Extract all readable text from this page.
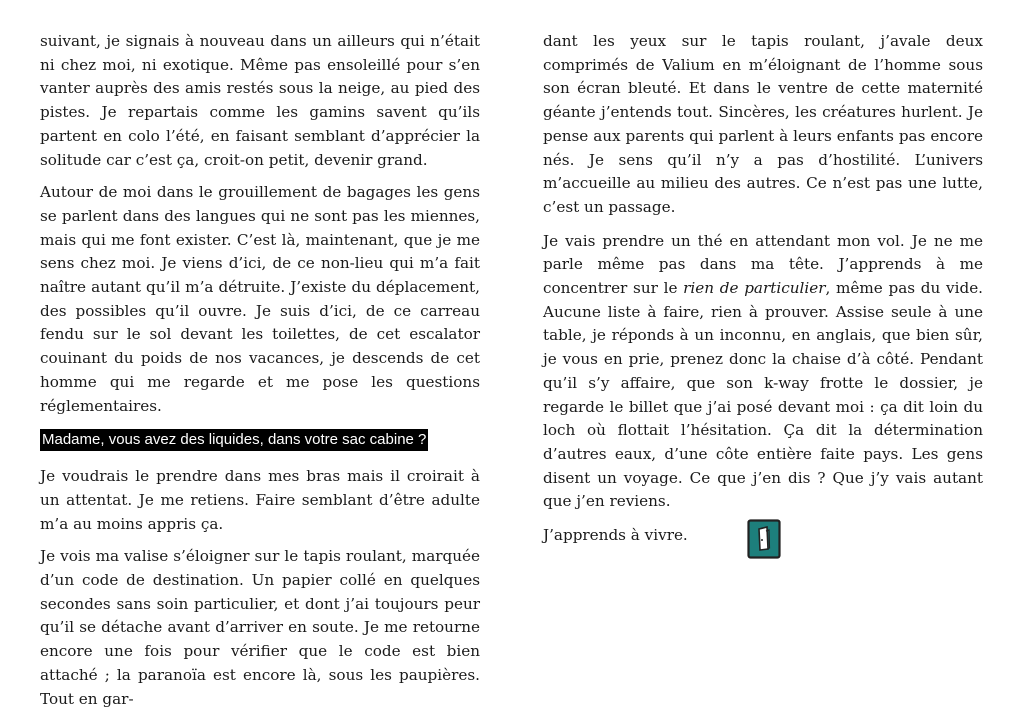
suivant, je signais à nouveau dans un ailleurs qui n’était ni chez moi, ni exotique. Même pas ensoleillé pour s’en vanter auprès des amis restés sous la neige, au pied des pistes. Je repartais comme les gamins savent qu’ils partent en colo l’été, en faisant semblant d’apprécier la solitude car c’est ça, croit-on petit, devenir grand.

Autour de moi dans le grouillement de bagages les gens se parlent dans des langues qui ne sont pas les miennes, mais qui me font exister. C’est là, maintenant, que je me sens chez moi. Je viens d’ici, de ce non-lieu qui m’a fait naître autant qu’il m’a détruite. J’existe du déplacement, des possibles qu’il ouvre. Je suis d’ici, de ce carreau fendu sur le sol devant les toilettes, de cet escalator couinant du poids de nos vacances, je descends de cet homme qui me regarde et me pose les questions réglementaires.

Madame, vous avez des liquides, dans votre sac cabine ?

Je voudrais le prendre dans mes bras mais il croirait à un attentat. Je me retiens. Faire semblant d’être adulte m’a au moins appris ça.

Je vois ma valise s’éloigner sur le tapis roulant, marquée d’un code de destination. Un papier collé en quelques secondes sans soin particulier, et dont j’ai toujours peur qu’il se détache avant d’arriver en soute. Je me retourne encore une fois pour vérifier que le code est bien attaché ; la paranoïa est encore là, sous les paupières. Tout en gar-

dant les yeux sur le tapis roulant, j’avale deux comprimés de Valium en m’éloignant de l’homme sous son écran bleuté. Et dans le ventre de cette maternité géante j’entends tout. Sincères, les créatures hurlent. Je pense aux parents qui parlent à leurs enfants pas encore nés. Je sens qu’il n’y a pas d’hostilité. L’univers m’accueille au milieu des autres. Ce n’est pas une lutte, c’est un passage.

Je vais prendre un thé en attendant mon vol. Je ne me parle même pas dans ma tête. J’apprends à me concentrer sur le rien de particulier, même pas du vide. Aucune liste à faire, rien à prouver. Assise seule à une table, je réponds à un inconnu, en anglais, que bien sûr, je vous en prie, prenez donc la chaise d’à côté. Pendant qu’il s’y affaire, que son k-way frotte le dossier, je regarde le billet que j’ai posé devant moi : ça dit loin du loch où flottait l’hésitation. Ça dit la détermination d’autres eaux, d’une côte entière faite pays. Les gens disent un voyage. Ce que j’en dis ? Que j’y vais autant que j’en reviens.

J’apprends à vivre.
